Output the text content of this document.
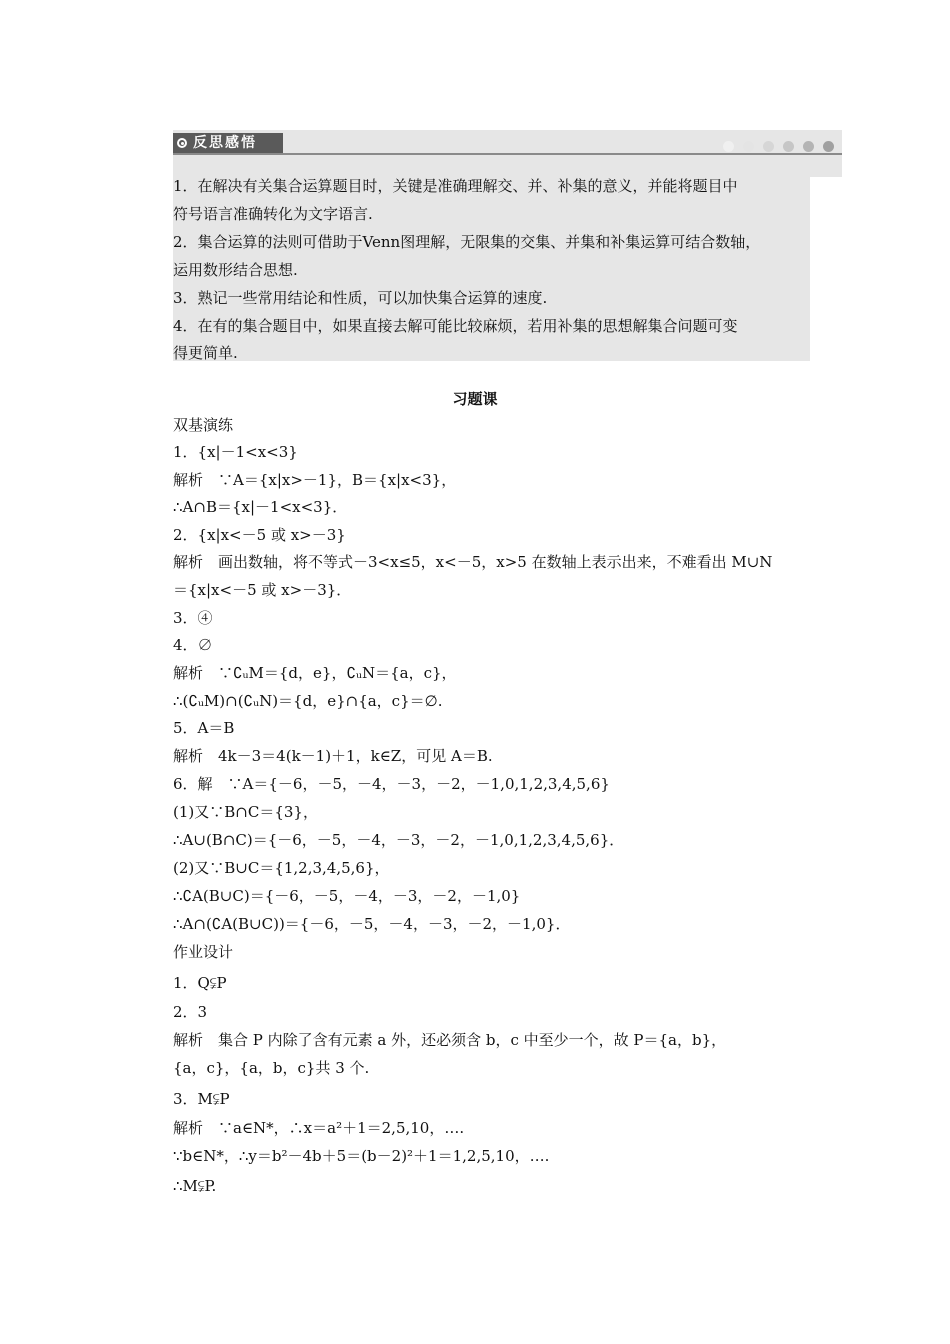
反思感悟
1．在解决有关集合运算题目时，关键是准确理解交、并、补集的意义，并能将题目中
符号语言准确转化为文字语言.
2．集合运算的法则可借助于Venn图理解，无限集的交集、并集和补集运算可结合数轴，
运用数形结合思想.
3．熟记一些常用结论和性质，可以加快集合运算的速度.
4．在有的集合题目中，如果直接去解可能比较麻烦，若用补集的思想解集合问题可变
得更简单.
习题课
双基演练
1．{x|－1<x<3}
解析　∵A＝{x|x>－1}，B＝{x|x<3}，
∴A∩B＝{x|－1<x<3}．
2．{x|x<－5 或 x>－3}
解析　画出数轴，将不等式－3<x≤5，x<－5，x>5 在数轴上表示出来，不难看出 M∪N
＝{x|x<－5 或 x>－3}．
3．④
4．∅
解析　∵∁ᵤM＝{d，e}，∁ᵤN＝{a，c}，
∴(∁ᵤM)∩(∁ᵤN)＝{d，e}∩{a，c}＝∅.
5．A＝B
解析　4k－3＝4(k－1)＋1，k∈Z，可见 A＝B.
6．解　∵A＝{－6，－5，－4，－3，－2，－1,0,1,2,3,4,5,6}
(1)又∵B∩C＝{3}，
∴A∪(B∩C)＝{－6，－5，－4，－3，－2，－1,0,1,2,3,4,5,6}．
(2)又∵B∪C＝{1,2,3,4,5,6}，
∴∁A(B∪C)＝{－6，－5，－4，－3，－2，－1,0}
∴A∩(∁A(B∪C))＝{－6，－5，－4，－3，－2，－1,0}．
作业设计
1．Q⫋P
2．3
解析　集合 P 内除了含有元素 a 外，还必须含 b，c 中至少一个，故 P＝{a，b}，
{a，c}，{a，b，c}共 3 个.
3．M⫋P
解析　∵a∈N*，∴x＝a²＋1＝2,5,10，….
∵b∈N*，∴y＝b²－4b＋5＝(b－2)²＋1＝1,2,5,10，….
∴M⫋P.
